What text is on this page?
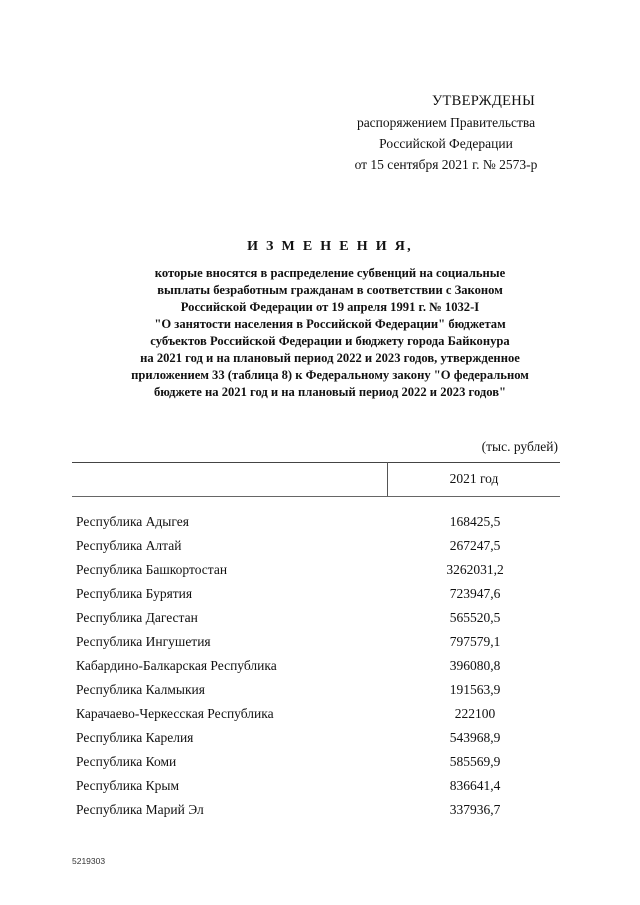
УТВЕРЖДЕНЫ
распоряжением Правительства
Российской Федерации
от 15 сентября 2021 г. № 2573-р
И З М Е Н Е Н И Я,
которые вносятся в распределение субвенций на социальные
выплаты безработным гражданам в соответствии с Законом
Российской Федерации от 19 апреля 1991 г. № 1032-I
"О занятости населения в Российской Федерации" бюджетам
субъектов Российской Федерации и бюджету города Байконура
на 2021 год и на плановый период 2022 и 2023 годов, утвержденное
приложением 33 (таблица 8) к Федеральному закону "О федеральном
бюджете на 2021 год и на плановый период 2022 и 2023 годов"
(тыс. рублей)
2021 год
Республика Адыгея	168425,5
Республика Алтай	267247,5
Республика Башкортостан	3262031,2
Республика Бурятия	723947,6
Республика Дагестан	565520,5
Республика Ингушетия	797579,1
Кабардино-Балкарская Республика	396080,8
Республика Калмыкия	191563,9
Карачаево-Черкесская Республика	222100
Республика Карелия	543968,9
Республика Коми	585569,9
Республика Крым	836641,4
Республика Марий Эл	337936,7
5219303
